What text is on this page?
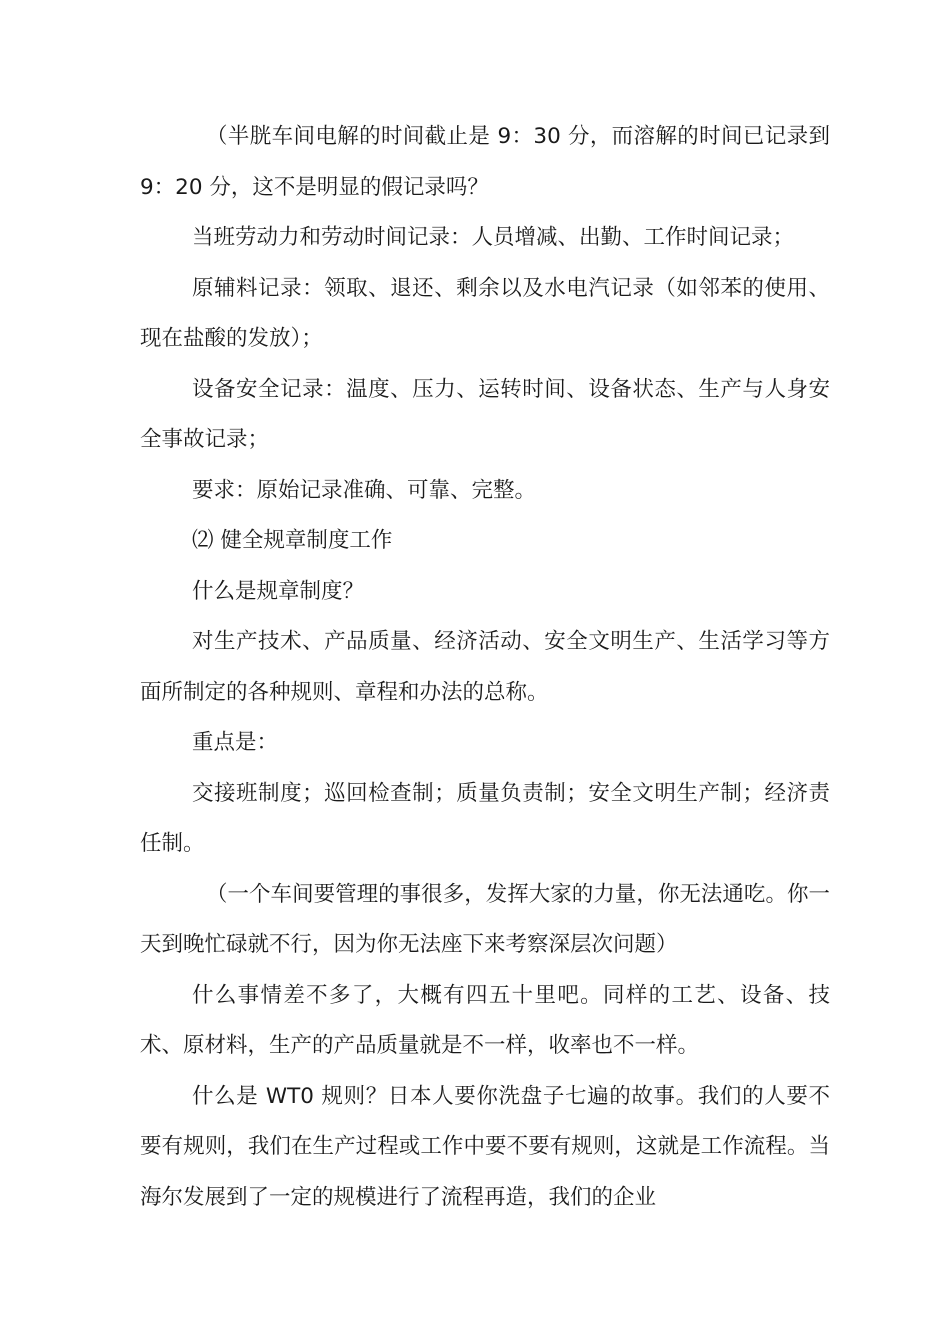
（半胱车间电解的时间截止是 9：30 分，而溶解的时间已记录到 9：20 分，这不是明显的假记录吗？

当班劳动力和劳动时间记录：人员增减、出勤、工作时间记录；

原辅料记录：领取、退还、剩余以及水电汽记录（如邻苯的使用、现在盐酸的发放）；

设备安全记录：温度、压力、运转时间、设备状态、生产与人身安全事故记录；

要求：原始记录准确、可靠、完整。

⑵ 健全规章制度工作

什么是规章制度？

对生产技术、产品质量、经济活动、安全文明生产、生活学习等方面所制定的各种规则、章程和办法的总称。

重点是：

交接班制度；巡回检查制；质量负责制；安全文明生产制；经济责任制。

（一个车间要管理的事很多，发挥大家的力量，你无法通吃。你一天到晚忙碌就不行，因为你无法座下来考察深层次问题）

什么事情差不多了，大概有四五十里吧。同样的工艺、设备、技术、原材料，生产的产品质量就是不一样，收率也不一样。

什么是 WT0 规则？日本人要你洗盘子七遍的故事。我们的人要不要有规则，我们在生产过程或工作中要不要有规则，这就是工作流程。当海尔发展到了一定的规模进行了流程再造，我们的企业
